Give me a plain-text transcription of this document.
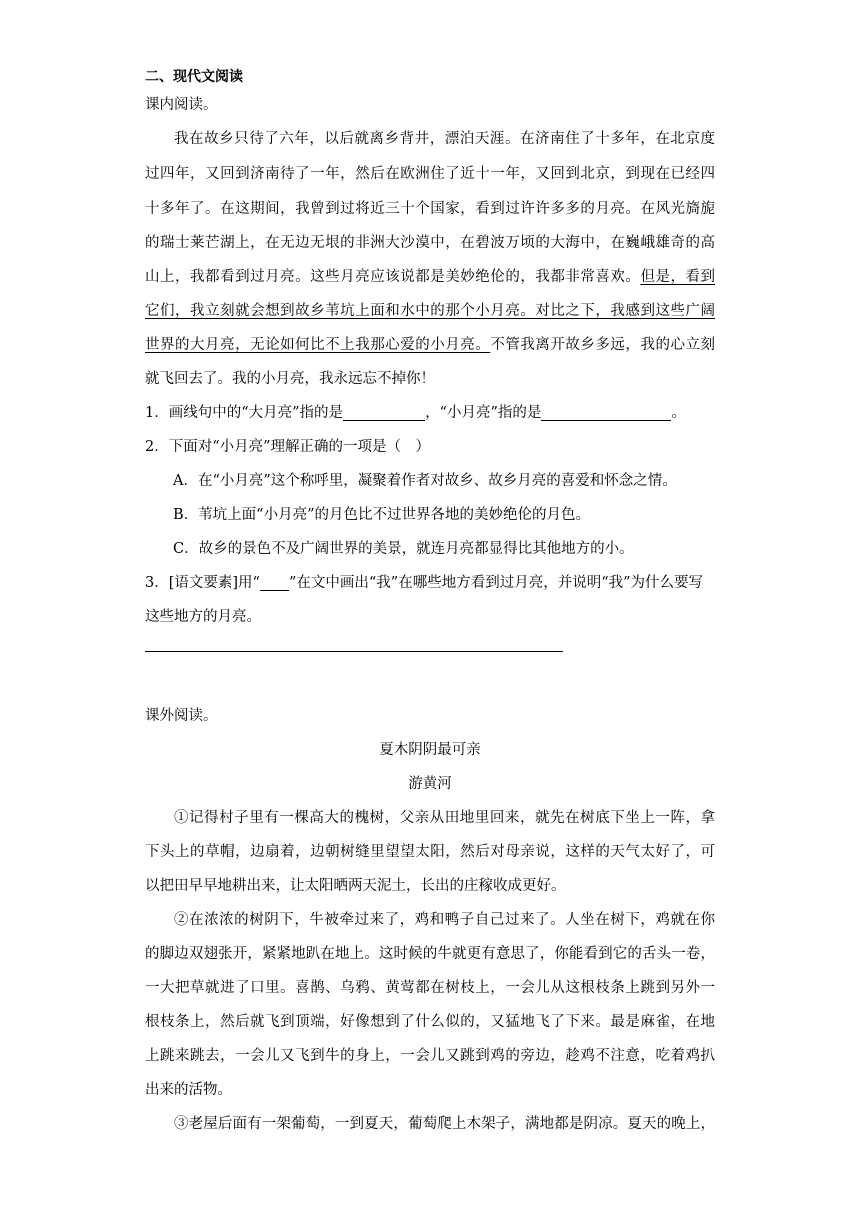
二、现代文阅读
课内阅读。
我在故乡只待了六年，以后就离乡背井，漂泊天涯。在济南住了十多年，在北京度
过四年，又回到济南待了一年，然后在欧洲住了近十一年，又回到北京，到现在已经四
十多年了。在这期间，我曾到过将近三十个国家，看到过许许多多的月亮。在风光旖旎
的瑞士莱芒湖上，在无边无垠的非洲大沙漠中，在碧波万顷的大海中，在巍峨雄奇的高
山上，我都看到过月亮。这些月亮应该说都是美妙绝伦的，我都非常喜欢。但是，看到
它们，我立刻就会想到故乡苇坑上面和水中的那个小月亮。对比之下，我感到这些广阔
世界的大月亮，无论如何比不上我那心爱的小月亮。不管我离开故乡多远，我的心立刻
就飞回去了。我的小月亮，我永远忘不掉你！
1．画线句中的“大月亮”指的是	，“小月亮”指的是	。
2．下面对“小月亮”理解正确的一项是（　）
A．在“小月亮”这个称呼里，凝聚着作者对故乡、故乡月亮的喜爱和怀念之情。
B．苇坑上面“小月亮”的月色比不过世界各地的美妙绝伦的月色。
C．故乡的景色不及广阔世界的美景，就连月亮都显得比其他地方的小。
3．[语文要素]用“____”在文中画出“我”在哪些地方看到过月亮，并说明“我”为什么要写
这些地方的月亮。
课外阅读。
夏木阴阴最可亲
游黄河
①记得村子里有一棵高大的槐树，父亲从田地里回来，就先在树底下坐上一阵，拿
下头上的草帽，边扇着，边朝树缝里望望太阳，然后对母亲说，这样的天气太好了，可
以把田早早地耕出来，让太阳晒两天泥土，长出的庄稼收成更好。
②在浓浓的树阴下，牛被牵过来了，鸡和鸭子自己过来了。人坐在树下，鸡就在你
的脚边双翅张开，紧紧地趴在地上。这时候的牛就更有意思了，你能看到它的舌头一卷，
一大把草就进了口里。喜鹊、乌鸦、黄莺都在树枝上，一会儿从这根枝条上跳到另外一
根枝条上，然后就飞到顶端，好像想到了什么似的，又猛地飞了下来。最是麻雀，在地
上跳来跳去，一会儿又飞到牛的身上，一会儿又跳到鸡的旁边，趁鸡不注意，吃着鸡扒
出来的活物。
③老屋后面有一架葡萄，一到夏天，葡萄爬上木架子，满地都是阴凉。夏天的晚上，
